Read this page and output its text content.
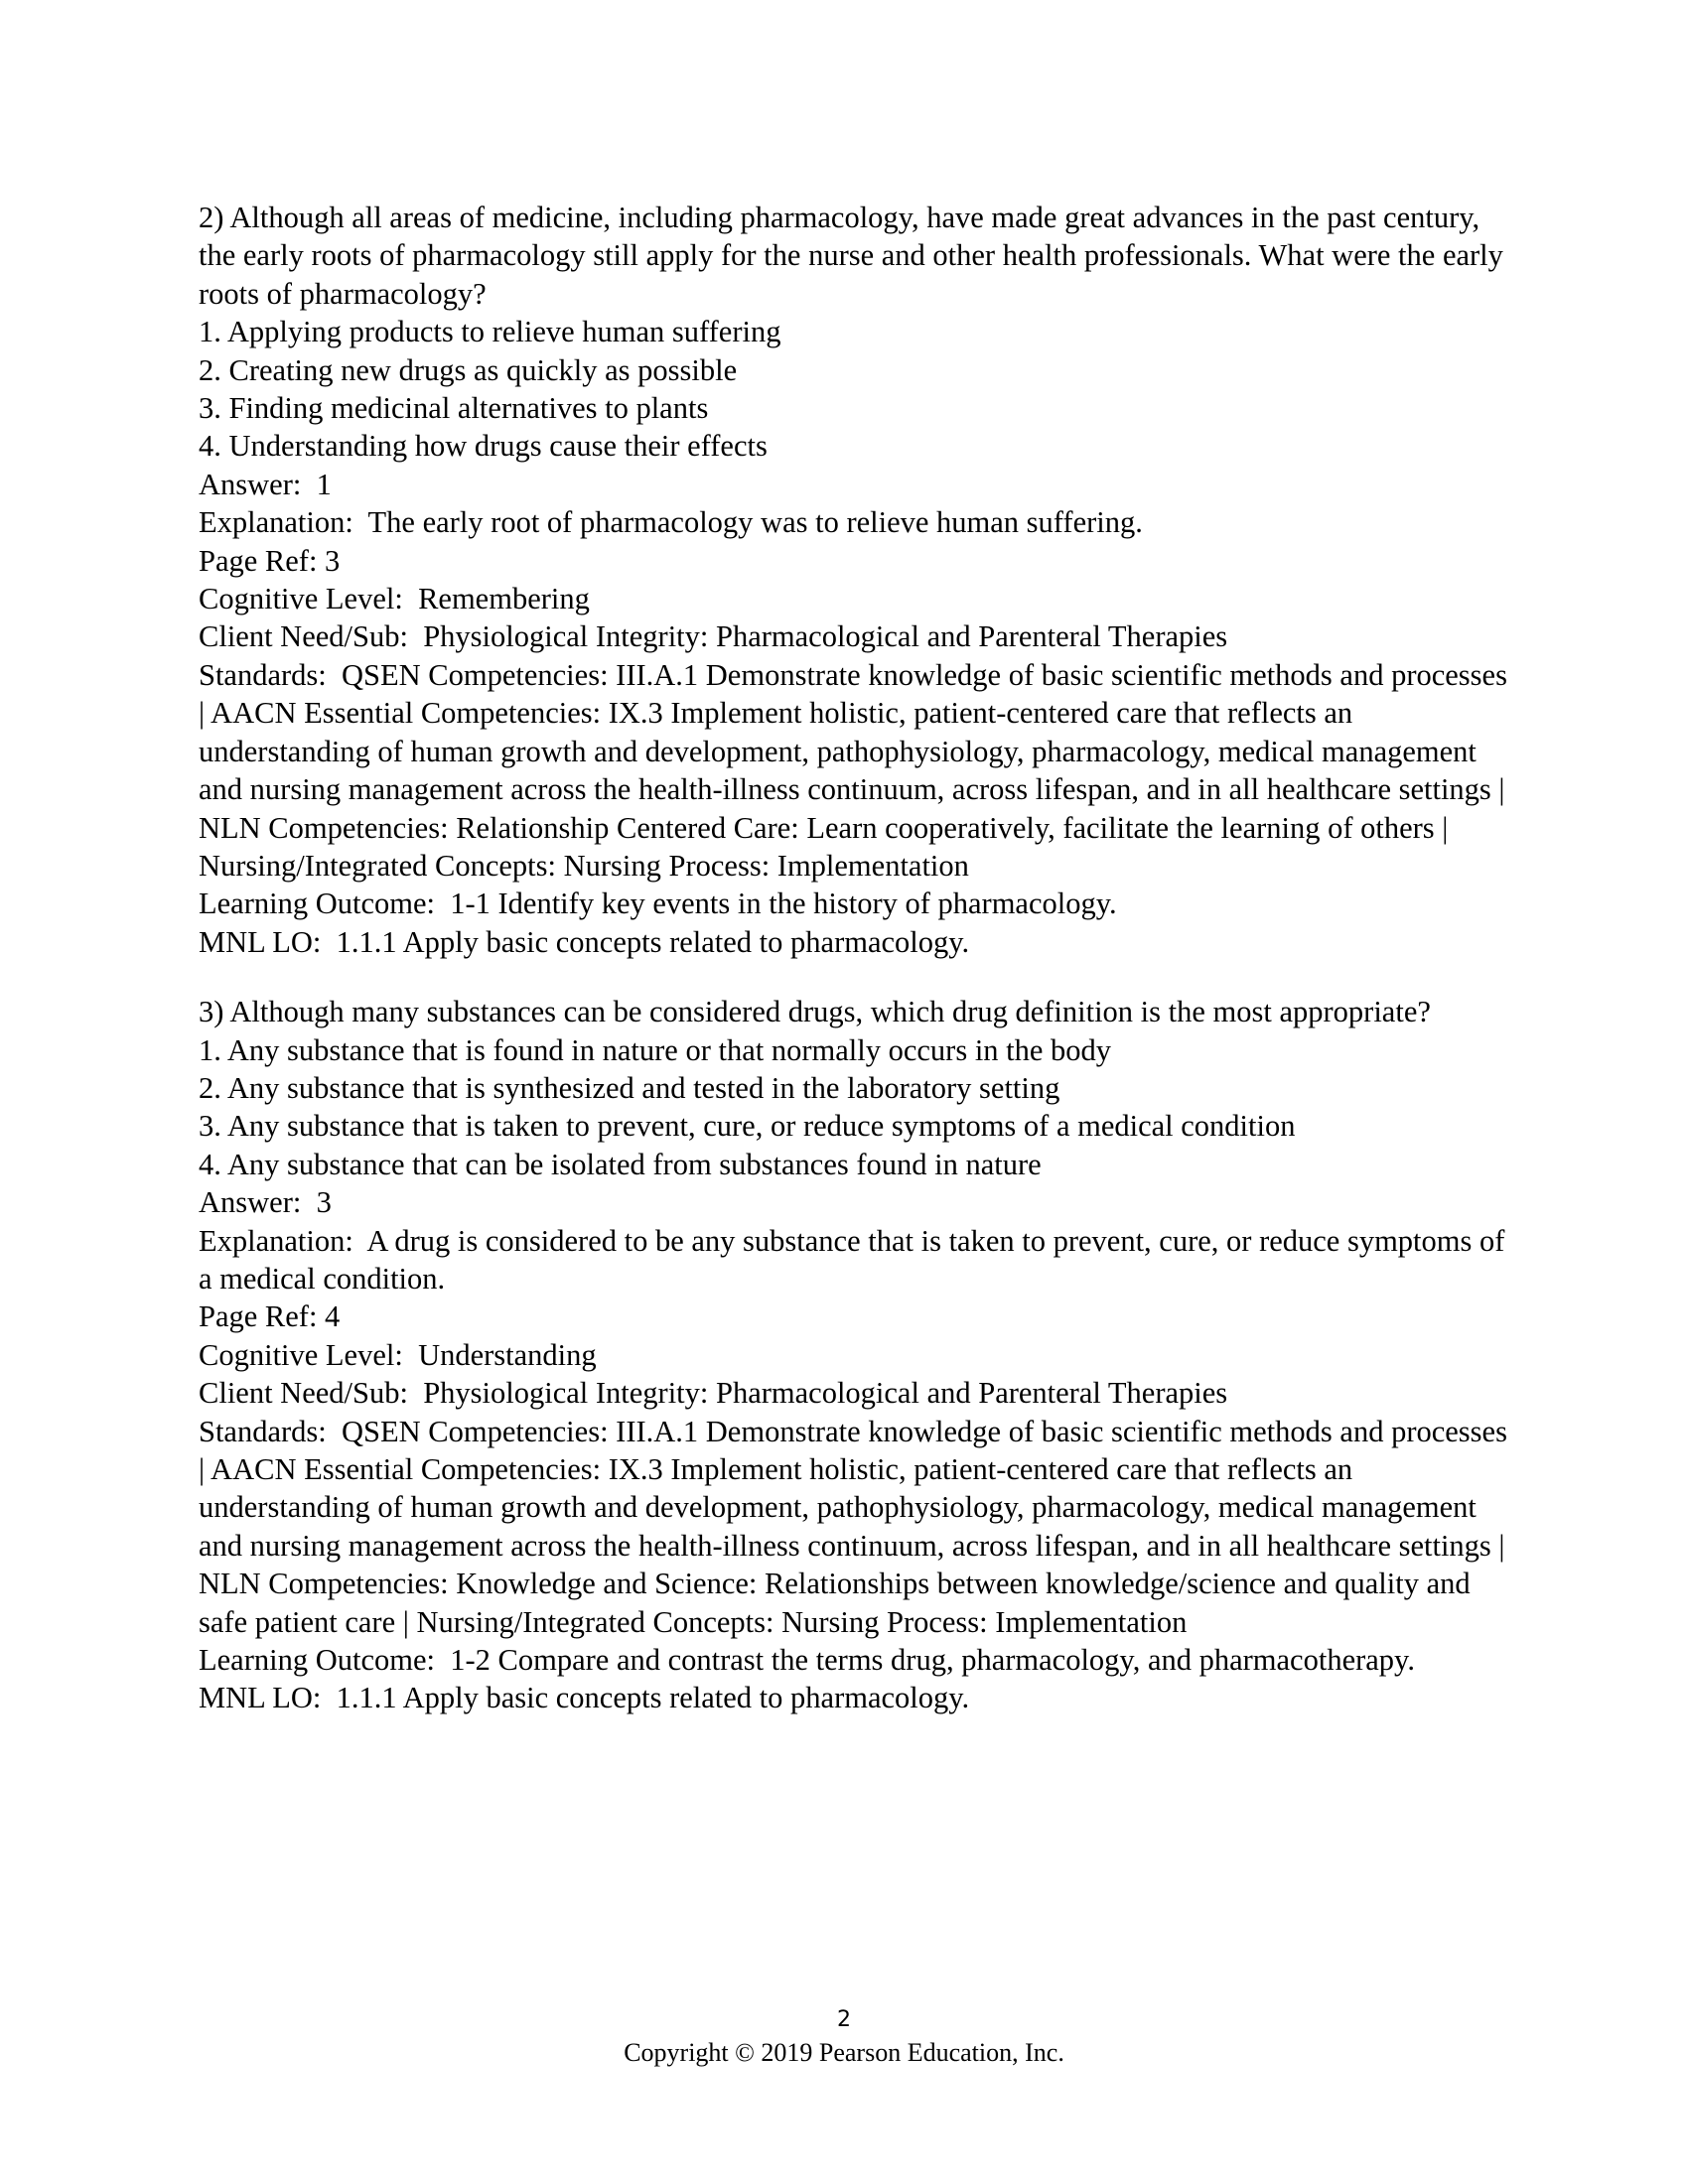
2) Although all areas of medicine, including pharmacology, have made great advances in the past century, the early roots of pharmacology still apply for the nurse and other health professionals. What were the early roots of pharmacology?
1. Applying products to relieve human suffering
2. Creating new drugs as quickly as possible
3. Finding medicinal alternatives to plants
4. Understanding how drugs cause their effects
Answer:  1
Explanation:  The early root of pharmacology was to relieve human suffering.
Page Ref: 3
Cognitive Level:  Remembering
Client Need/Sub:  Physiological Integrity: Pharmacological and Parenteral Therapies
Standards:  QSEN Competencies: III.A.1 Demonstrate knowledge of basic scientific methods and processes | AACN Essential Competencies: IX.3 Implement holistic, patient-centered care that reflects an understanding of human growth and development, pathophysiology, pharmacology, medical management and nursing management across the health-illness continuum, across lifespan, and in all healthcare settings | NLN Competencies: Relationship Centered Care: Learn cooperatively, facilitate the learning of others | Nursing/Integrated Concepts: Nursing Process: Implementation
Learning Outcome:  1-1 Identify key events in the history of pharmacology.
MNL LO:  1.1.1 Apply basic concepts related to pharmacology.
3) Although many substances can be considered drugs, which drug definition is the most appropriate?
1. Any substance that is found in nature or that normally occurs in the body
2. Any substance that is synthesized and tested in the laboratory setting
3. Any substance that is taken to prevent, cure, or reduce symptoms of a medical condition
4. Any substance that can be isolated from substances found in nature
Answer:  3
Explanation:  A drug is considered to be any substance that is taken to prevent, cure, or reduce symptoms of a medical condition.
Page Ref: 4
Cognitive Level:  Understanding
Client Need/Sub:  Physiological Integrity: Pharmacological and Parenteral Therapies
Standards:  QSEN Competencies: III.A.1 Demonstrate knowledge of basic scientific methods and processes | AACN Essential Competencies: IX.3 Implement holistic, patient-centered care that reflects an understanding of human growth and development, pathophysiology, pharmacology, medical management and nursing management across the health-illness continuum, across lifespan, and in all healthcare settings | NLN Competencies: Knowledge and Science: Relationships between knowledge/science and quality and safe patient care | Nursing/Integrated Concepts: Nursing Process: Implementation
Learning Outcome:  1-2 Compare and contrast the terms drug, pharmacology, and pharmacotherapy.
MNL LO:  1.1.1 Apply basic concepts related to pharmacology.
2
Copyright © 2019 Pearson Education, Inc.
